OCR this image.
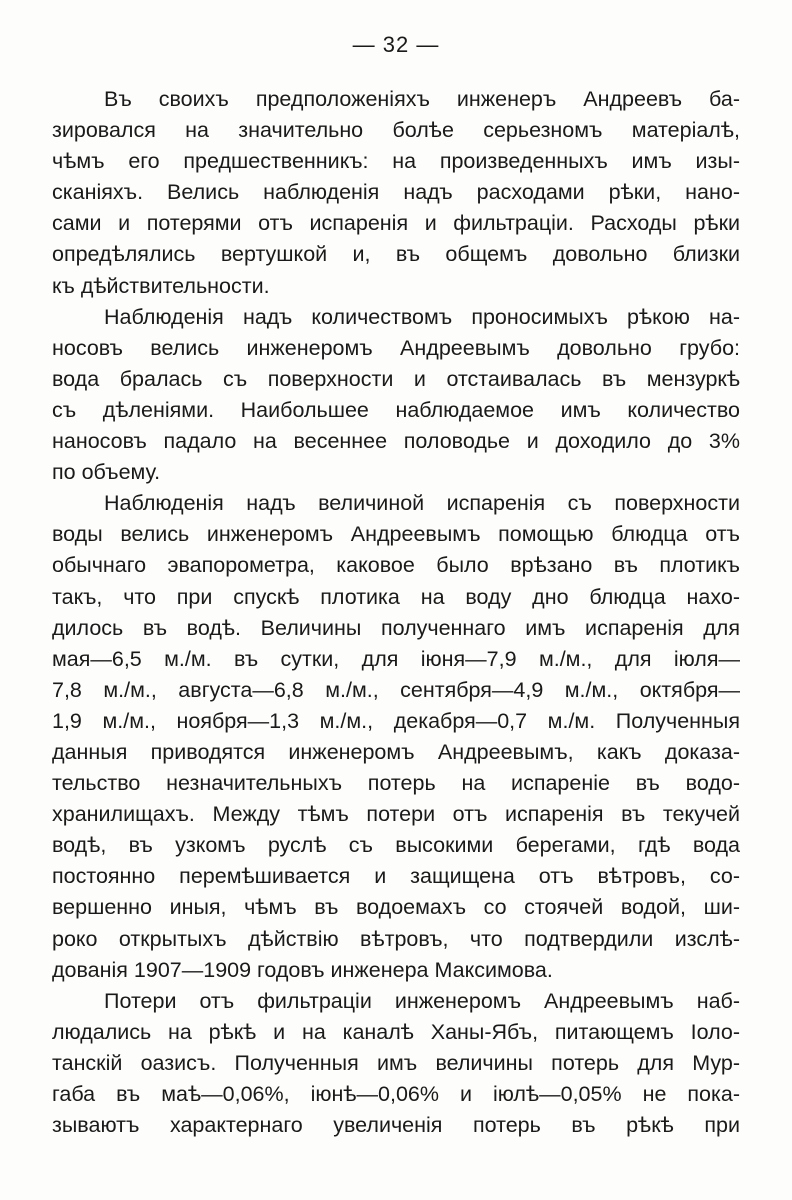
— 32 —
Въ своихъ предположеніяхъ инженеръ Андреевъ ба-
зировался на значительно болѣе серьезномъ матеріалѣ,
чѣмъ его предшественникъ: на произведенныхъ имъ изы-
сканіяхъ. Велись наблюденія надъ расходами рѣки, нано-
сами и потерями отъ испаренія и фильтраціи. Расходы рѣки
опредѣлялись вертушкой и, въ общемъ довольно близки
къ дѣйствительности.
Наблюденія надъ количествомъ проносимыхъ рѣкою на-
носовъ велись инженеромъ Андреевымъ довольно грубо:
вода бралась съ поверхности и отстаивалась въ мензуркѣ
съ дѣленіями. Наибольшее наблюдаемое имъ количество
наносовъ падало на весеннее половодье и доходило до 3%
по объему.
Наблюденія надъ величиной испаренія съ поверхности
воды велись инженеромъ Андреевымъ помощью блюдца отъ
обычнаго эвапорометра, каковое было врѣзано въ плотикъ
такъ, что при спускѣ плотика на воду дно блюдца нахо-
дилось въ водѣ. Величины полученнаго имъ испаренія для
мая—6,5 м./м. въ сутки, для іюня—7,9 м./м., для іюля—
7,8 м./м., августа—6,8 м./м., сентября—4,9 м./м., октября—
1,9 м./м., ноября—1,3 м./м., декабря—0,7 м./м. Полученныя
данныя приводятся инженеромъ Андреевымъ, какъ доказа-
тельство незначительныхъ потерь на испареніе въ водо-
хранилищахъ. Между тѣмъ потери отъ испаренія въ текучей
водѣ, въ узкомъ руслѣ съ высокими берегами, гдѣ вода
постоянно перемѣшивается и защищена отъ вѣтровъ, со-
вершенно иныя, чѣмъ въ водоемахъ со стоячей водой, ши-
роко открытыхъ дѣйствію вѣтровъ, что подтвердили изслѣ-
дованія 1907—1909 годовъ инженера Максимова.
Потери отъ фильтраціи инженеромъ Андреевымъ наб-
людались на рѣкѣ и на каналѣ Ханы-Ябъ, питающемъ Іоло-
танскій оазисъ. Полученныя имъ величины потерь для Мур-
габа въ маѣ—0,06%, іюнѣ—0,06% и іюлѣ—0,05% не пока-
зываютъ характернаго увеличенія потерь въ рѣкѣ при
